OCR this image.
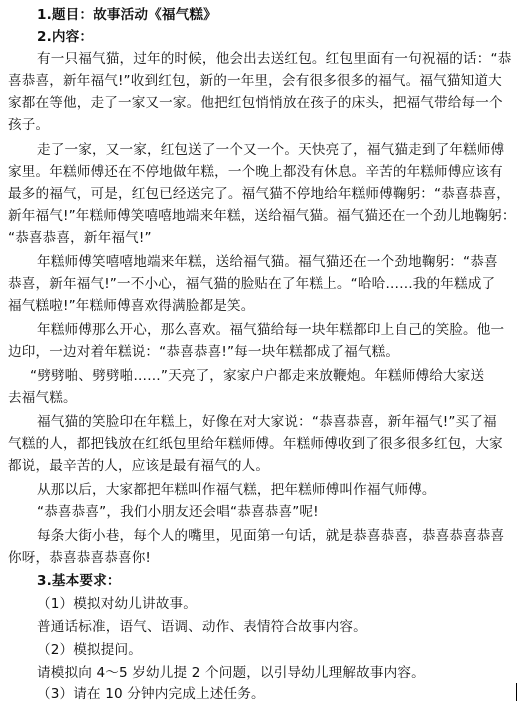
1.题目：故事活动《福气糕》
2.内容：
有一只福气猫，过年的时候，他会出去送红包。红包里面有一句祝福的话：“恭
喜恭喜，新年福气!”收到红包，新的一年里，会有很多很多的福气。福气猫知道大
家都在等他，走了一家又一家。他把红包悄悄放在孩子的床头，把福气带给每一个
孩子。
走了一家，又一家，红包送了一个又一个。天快亮了，福气猫走到了年糕师傅
家里。年糕师傅还在不停地做年糕，一个晚上都没有休息。辛苦的年糕师傅应该有
最多的福气，可是，红包已经送完了。福气猫不停地给年糕师傅鞠躬：“恭喜恭喜，
新年福气!”年糕师傅笑嘻嘻地端来年糕，送给福气猫。福气猫还在一个劲儿地鞠躬：
“恭喜恭喜，新年福气!”
年糕师傅笑嘻嘻地端来年糕，送给福气猫。福气猫还在一个劲地鞠躬：“恭喜
恭喜，新年福气!”一不小心，福气猫的脸贴在了年糕上。“哈哈……我的年糕成了
福气糕啦!”年糕师傅喜欢得满脸都是笑。
年糕师傅那么开心，那么喜欢。福气猫给每一块年糕都印上自己的笑脸。他一
边印，一边对着年糕说：“恭喜恭喜!”每一块年糕都成了福气糕。
“劈劈啪、劈劈啪……”天亮了，家家户户都走来放鞭炮。年糕师傅给大家送
去福气糕。
福气猫的笑脸印在年糕上，好像在对大家说：“恭喜恭喜，新年福气!”买了福
气糕的人，都把钱放在红纸包里给年糕师傅。年糕师傅收到了很多很多红包，大家
都说，最辛苦的人，应该是最有福气的人。
从那以后，大家都把年糕叫作福气糕，把年糕师傅叫作福气师傅。
“恭喜恭喜”，我们小朋友还会唱“恭喜恭喜”呢!
每条大街小巷，每个人的嘴里，见面第一句话，就是恭喜恭喜，恭喜恭喜恭喜
你呀，恭喜恭喜恭喜你!
3.基本要求：
（1）模拟对幼儿讲故事。
普通话标准，语气、语调、动作、表情符合故事内容。
（2）模拟提问。
请模拟向 4～5 岁幼儿提 2 个问题，以引导幼儿理解故事内容。
（3）请在 10 分钟内完成上述任务。
